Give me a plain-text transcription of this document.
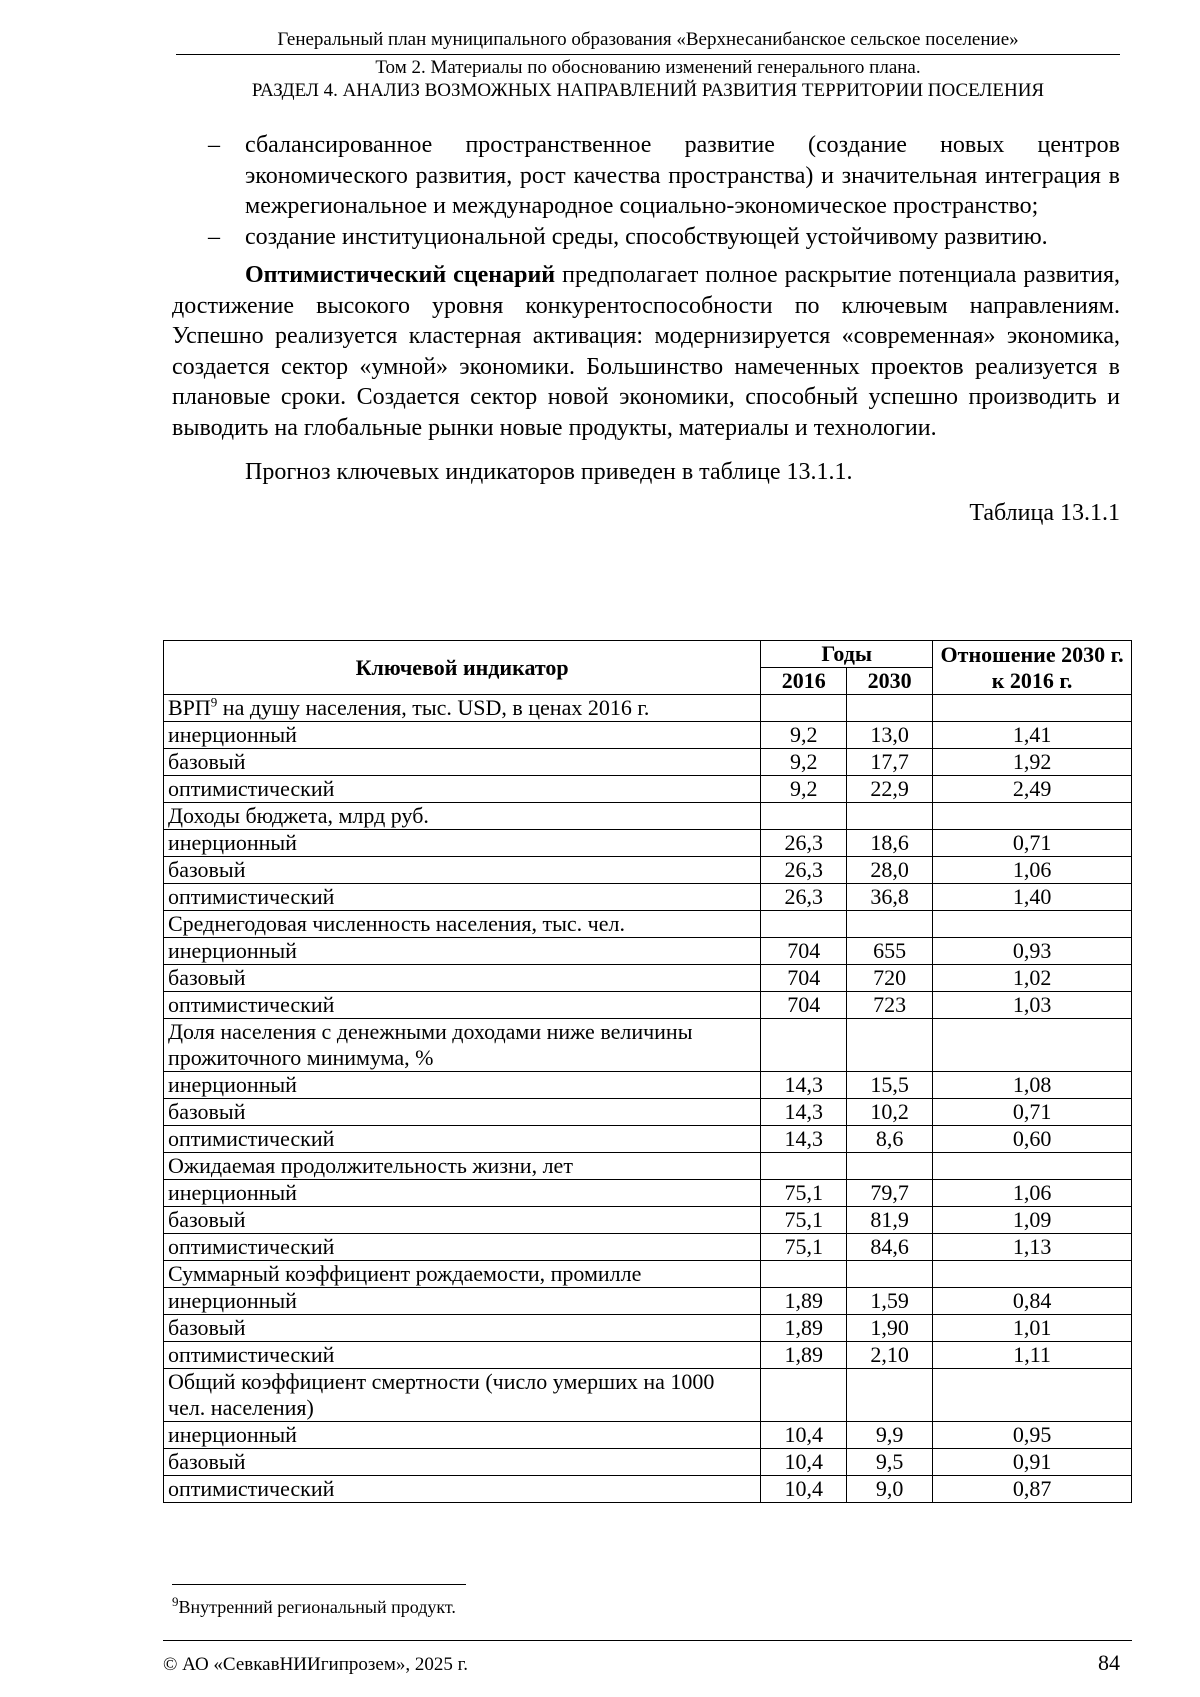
Генеральный план муниципального образования «Верхнесанибанское сельское поселение»
Том 2. Материалы по обоснованию изменений генерального плана.
РАЗДЕЛ 4. АНАЛИЗ ВОЗМОЖНЫХ НАПРАВЛЕНИЙ РАЗВИТИЯ ТЕРРИТОРИИ ПОСЕЛЕНИЯ
– сбалансированное пространственное развитие (создание новых центров экономического развития, рост качества пространства) и значительная интеграция в межрегиональное и международное социально-экономическое пространство;
– создание институциональной среды, способствующей устойчивому развитию.

Оптимистический сценарий предполагает полное раскрытие потенциала развития, достижение высокого уровня конкурентоспособности по ключевым направлениям. Успешно реализуется кластерная активация: модернизируется «современная» экономика, создается сектор «умной» экономики. Большинство намеченных проектов реализуется в плановые сроки. Создается сектор новой экономики, способный успешно производить и выводить на глобальные рынки новые продукты, материалы и технологии.

Прогноз ключевых индикаторов приведен в таблице 13.1.1.

Таблица 13.1.1
Ключевой индикатор	Годы		Отношение 2030 г. к 2016 г.
	2016	2030	
ВРП$^9$ на душу населения, тыс. USD, в ценах 2016 г.			
инерционный	9,2	13,0	1,41
базовый	9,2	17,7	1,92
оптимистический	9,2	22,9	2,49
Доходы бюджета, млрд руб.			
инерционный	26,3	18,6	0,71
базовый	26,3	28,0	1,06
оптимистический	26,3	36,8	1,40
Среднегодовая численность населения, тыс. чел.			
инерционный	704	655	0,93
базовый	704	720	1,02
оптимистический	704	723	1,03
Доля населения с денежными доходами ниже величины прожиточного минимума, %			
инерционный	14,3	15,5	1,08
базовый	14,3	10,2	0,71
оптимистический	14,3	8,6	0,60
Ожидаемая продолжительность жизни, лет			
инерционный	75,1	79,7	1,06
базовый	75,1	81,9	1,09
оптимистический	75,1	84,6	1,13
Суммарный коэффициент рождаемости, промилле			
инерционный	1,89	1,59	0,84
базовый	1,89	1,90	1,01
оптимистический	1,89	2,10	1,11
Общий коэффициент смертности (число умерших на 1000 чел. населения)			
инерционный	10,4	9,9	0,95
базовый	10,4	9,5	0,91
оптимистический	10,4	9,0	0,87
$^9$Внутренний региональный продукт.
© АО «СевкавНИИгипрозем», 2025 г.	84
